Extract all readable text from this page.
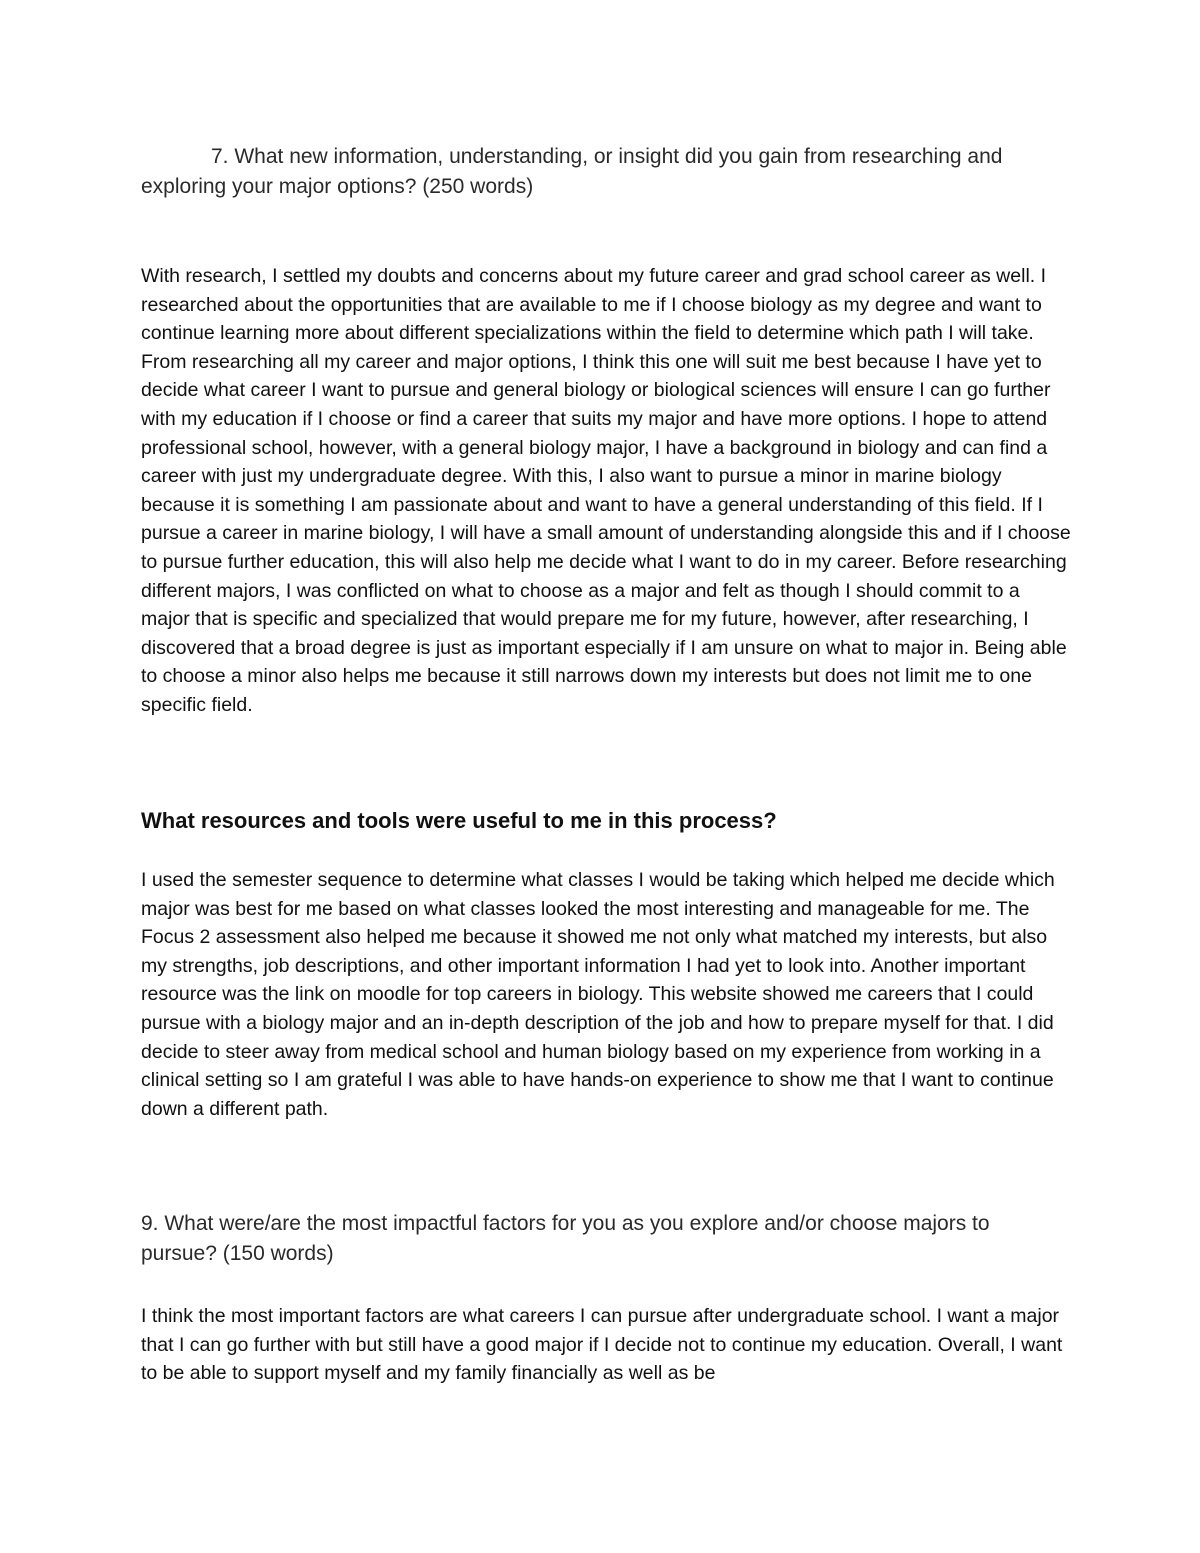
7. What new information, understanding, or insight did you gain from researching and exploring your major options? (250 words)

With research, I settled my doubts and concerns about my future career and grad school career as well. I researched about the opportunities that are available to me if I choose biology as my degree and want to continue learning more about different specializations within the field to determine which path I will take. From researching all my career and major options, I think this one will suit me best because I have yet to decide what career I want to pursue and general biology or biological sciences will ensure I can go further with my education if I choose or find a career that suits my major and have more options. I hope to attend professional school, however, with a general biology major, I have a background in biology and can find a career with just my undergraduate degree. With this, I also want to pursue a minor in marine biology because it is something I am passionate about and want to have a general understanding of this field. If I pursue a career in marine biology, I will have a small amount of understanding alongside this and if I choose to pursue further education, this will also help me decide what I want to do in my career. Before researching different majors, I was conflicted on what to choose as a major and felt as though I should commit to a major that is specific and specialized that would prepare me for my future, however, after researching, I discovered that a broad degree is just as important especially if I am unsure on what to major in. Being able to choose a minor also helps me because it still narrows down my interests but does not limit me to one specific field.

What resources and tools were useful to me in this process?

I used the semester sequence to determine what classes I would be taking which helped me decide which major was best for me based on what classes looked the most interesting and manageable for me. The Focus 2 assessment also helped me because it showed me not only what matched my interests, but also my strengths, job descriptions, and other important information I had yet to look into. Another important resource was the link on moodle for top careers in biology. This website showed me careers that I could pursue with a biology major and an in-depth description of the job and how to prepare myself for that. I did decide to steer away from medical school and human biology based on my experience from working in a clinical setting so I am grateful I was able to have hands-on experience to show me that I want to continue down a different path.

9. What were/are the most impactful factors for you as you explore and/or choose majors to pursue? (150 words)

I think the most important factors are what careers I can pursue after undergraduate school. I want a major that I can go further with but still have a good major if I decide not to continue my education. Overall, I want to be able to support myself and my family financially as well as be
